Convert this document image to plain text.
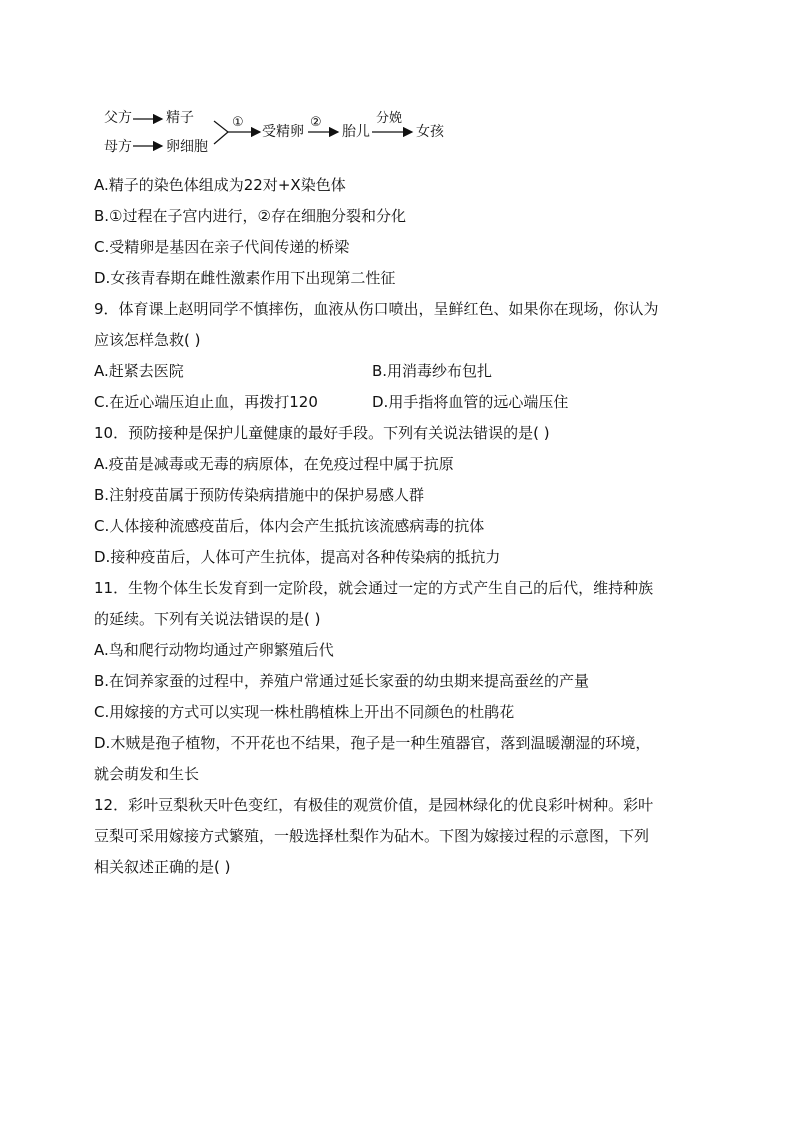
父方
母方
精子
卵细胞
①
受精卵
②
胎儿
分娩
女孩
A.精子的染色体组成为22对+X染色体
B.①过程在子宫内进行，②存在细胞分裂和分化
C.受精卵是基因在亲子代间传递的桥梁
D.女孩青春期在雌性激素作用下出现第二性征
9．体育课上赵明同学不慎摔伤，血液从伤口喷出，呈鲜红色、如果你在现场，你认为
应该怎样急救( )
A.赶紧去医院	B.用消毒纱布包扎
C.在近心端压迫止血，再拨打120	D.用手指将血管的远心端压住
10．预防接种是保护儿童健康的最好手段。下列有关说法错误的是( )
A.疫苗是减毒或无毒的病原体，在免疫过程中属于抗原
B.注射疫苗属于预防传染病措施中的保护易感人群
C.人体接种流感疫苗后，体内会产生抵抗该流感病毒的抗体
D.接种疫苗后，人体可产生抗体，提高对各种传染病的抵抗力
11．生物个体生长发育到一定阶段，就会通过一定的方式产生自己的后代，维持种族
的延续。下列有关说法错误的是( )
A.鸟和爬行动物均通过产卵繁殖后代
B.在饲养家蚕的过程中，养殖户常通过延长家蚕的幼虫期来提高蚕丝的产量
C.用嫁接的方式可以实现一株杜鹃植株上开出不同颜色的杜鹃花
D.木贼是孢子植物，不开花也不结果，孢子是一种生殖器官，落到温暖潮湿的环境，
就会萌发和生长
12．彩叶豆梨秋天叶色变红，有极佳的观赏价值，是园林绿化的优良彩叶树种。彩叶
豆梨可采用嫁接方式繁殖，一般选择杜梨作为砧木。下图为嫁接过程的示意图，下列
相关叙述正确的是( )
